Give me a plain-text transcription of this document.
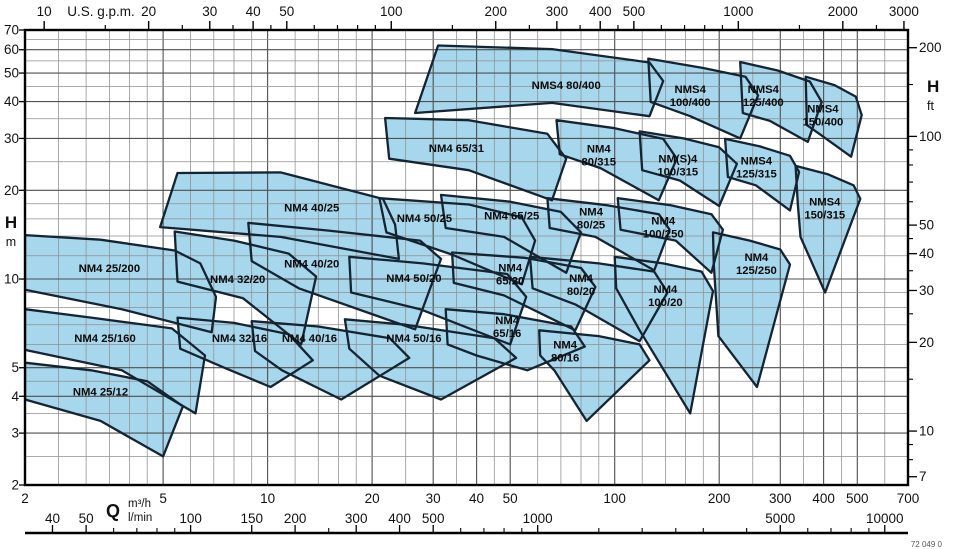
NM4 25/12
NM4 25/160
NM4 25/200
NM4 32/16
NM4 32/20
NM4 40/16
NM4 40/20
NM4 40/25
NM4 50/16
NM4 50/20
NM4 50/25
NM4 65/16
NM4 65/20
NM4 65/25
NM4 65/31
NM4 80/16
NM4 80/20
NM4 80/25
NM4 80/315
NMS4 80/400	NMS4 100/400
NMS4 125/400
NMS4 150/400
NM(S)4 100/315
NMS4 125/315
NMS4 150/315
NM4 100/250
NM4 125/250
NM4 100/20
10	20	30 40 50	100	200	300 400 500	1000	2000 3000
U.S. g.p.m.
70
60
50
40
30
20
10
5
4
3
2
H
m
200
100
50
40
30
20
10
7
H
ft
2	5	10	20	30 40 50	100	200	300 400 500 700
Q m³/h
l/min
40 50	100	150 200	300 400 500	1000	5000	10000
72 049 0
